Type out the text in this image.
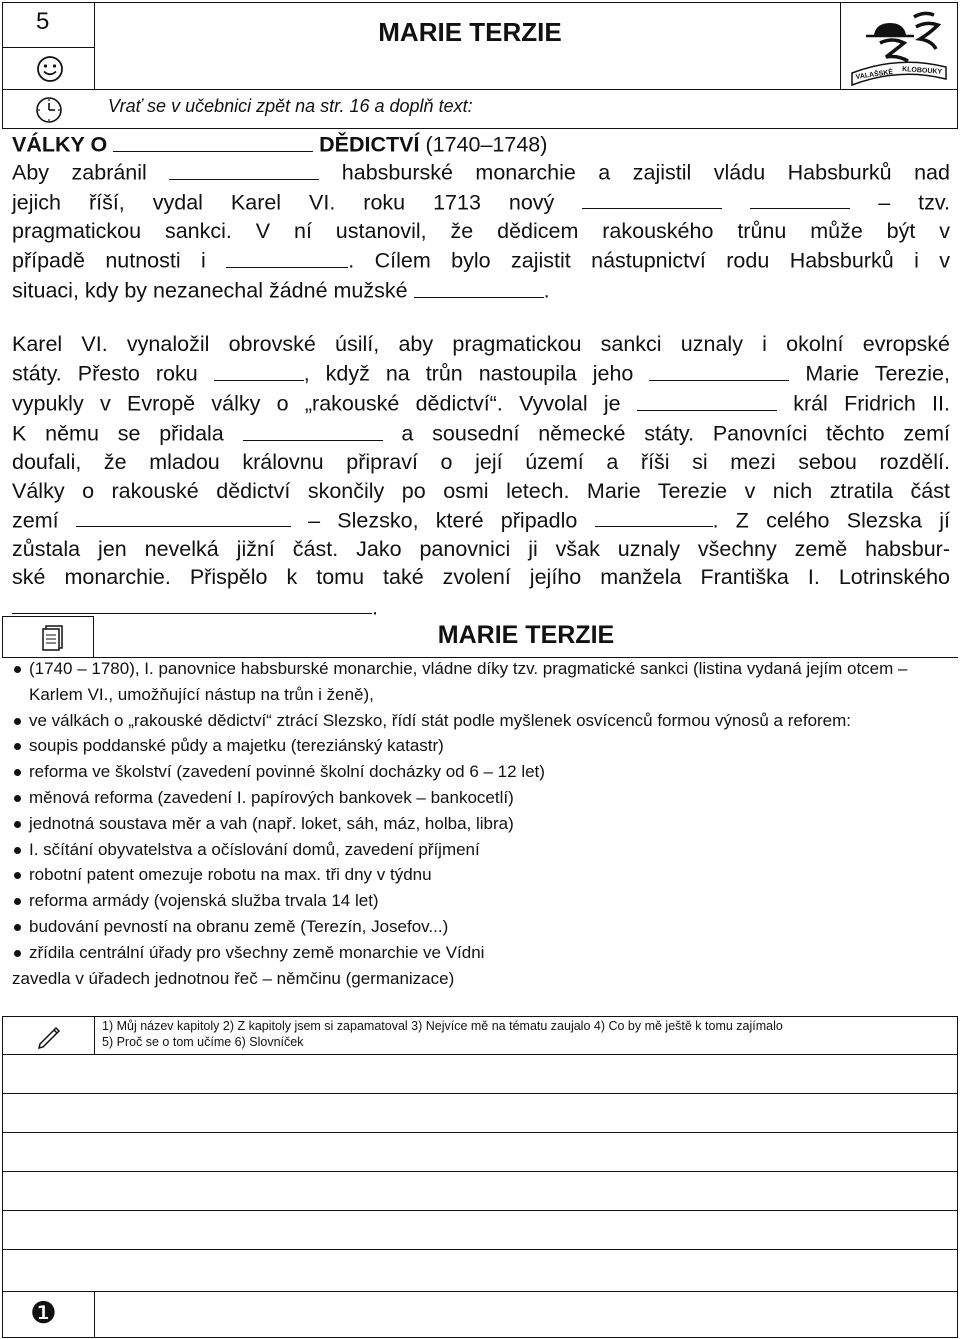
5	MARIE TERZIE
VALAŠSKÉ KLOBOUKY
Vrať se v učebnici zpět na str. 16 a doplň text:
VÁLKY O	DĚDICTVÍ (1740–1748)
Aby zabránil	habsburské monarchie a zajistil vládu Habsburků nad
jejich říší, vydal Karel VI. roku 1713 nový	– tzv.
pragmatickou sankci. V ní ustanovil, že dědicem rakouského trůnu může být v
případě nutnosti i	. Cílem bylo zajistit nástupnictví rodu Habsburků i v
situaci, kdy by nezanechal žádné mužské	.
Karel VI. vynaložil obrovské úsilí, aby pragmatickou sankci uznaly i okolní evropské
státy. Přesto roku	, když na trůn nastoupila jeho	Marie Terezie,
vypukly v Evropě války o „rakouské dědictví“. Vyvolal je	král Fridrich II.
K němu se přidala	a sousední německé státy. Panovníci těchto zemí
doufali, že mladou královnu připraví o její území a říši si mezi sebou rozdělí.
Války o rakouské dědictví skončily po osmi letech. Marie Terezie v nich ztratila část
zemí	– Slezsko, které připadlo	. Z celého Slezska jí
zůstala jen nevelká jižní část. Jako panovnici ji však uznaly všechny země habsbur-
ské monarchie. Přispělo k tomu také zvolení jejího manžela Františka I. Lotrinského
.
MARIE TERZIE
(1740 – 1780), I. panovnice habsburské monarchie, vládne díky tzv. pragmatické sankci (listina vydaná jejím otcem – Karlem VI., umožňující nástup na trůn i ženě),
ve válkách o „rakouské dědictví“ ztrácí Slezsko, řídí stát podle myšlenek osvícenců formou výnosů a reforem:
soupis poddanské půdy a majetku (tereziánský katastr)
reforma ve školství (zavedení povinné školní docházky od 6 – 12 let)
měnová reforma (zavedení I. papírových bankovek – bankocetlí)
jednotná soustava měr a vah (např. loket, sáh, máz, holba, libra)
I. sčítání obyvatelstva a očíslování domů, zavedení příjmení
robotní patent omezuje robotu na max. tři dny v týdnu
reforma armády (vojenská služba trvala 14 let)
budování pevností na obranu země (Terezín, Josefov...)
zřídila centrální úřady pro všechny země monarchie ve Vídni
zavedla v úřadech jednotnou řeč – němčinu (germanizace)
1) Můj název kapitoly 2) Z kapitoly jsem si zapamatoval 3) Nejvíce mě na tématu zaujalo 4) Co by mě ještě k tomu zajímalo
5) Proč se o tom učíme 6) Slovníček
❶
